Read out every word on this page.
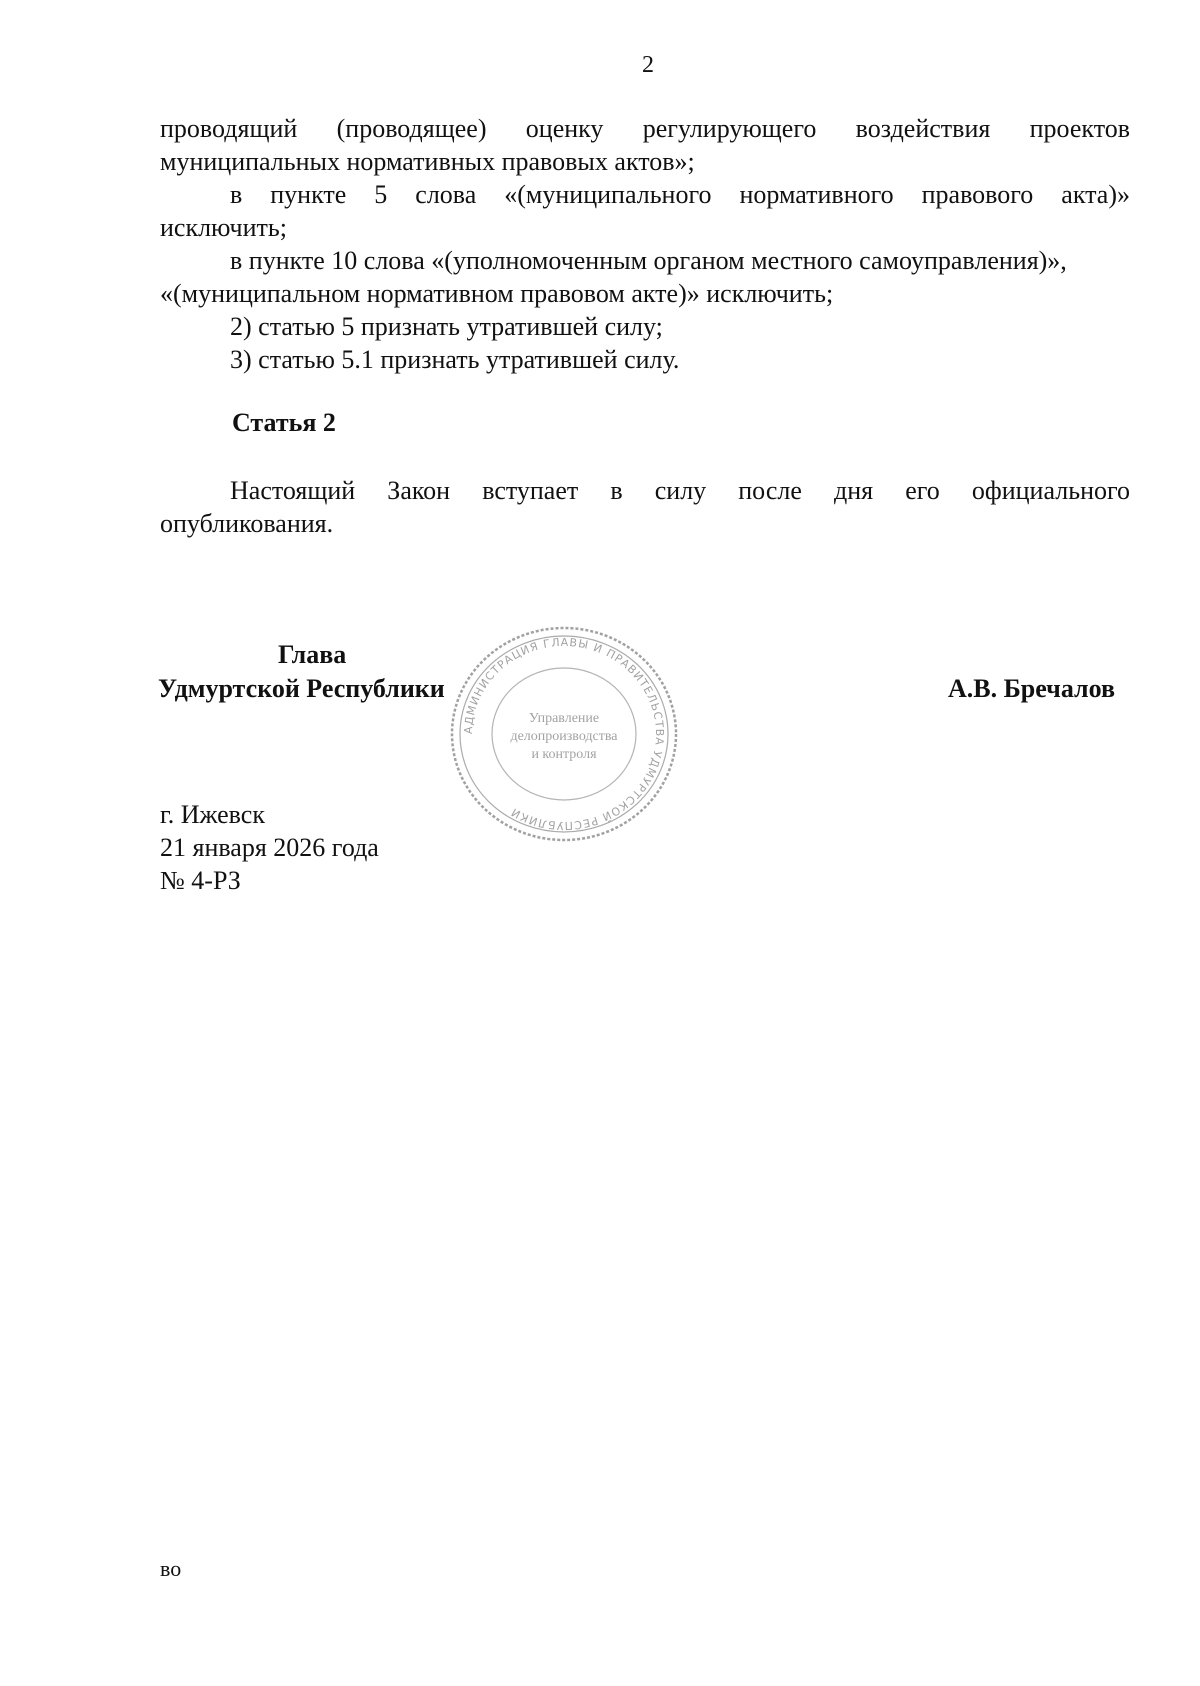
2
проводящий (проводящее) оценку регулирующего воздействия проектов
муниципальных нормативных правовых актов»;
в пункте 5 слова «(муниципального нормативного правового акта)»
исключить;
в пункте 10 слова «(уполномоченным органом местного самоуправления)»,
«(муниципальном нормативном правовом акте)» исключить;
2) статью 5 признать утратившей силу;
3) статью 5.1 признать утратившей силу.
Статья 2
Настоящий Закон вступает в силу после дня его официального
опубликования.
Глава
Удмуртской Республики	А.В. Бречалов
АДМИНИСТРАЦИЯ ГЛАВЫ И ПРАВИТЕЛЬСТВА УДМУРТСКОЙ РЕСПУБЛИКИ
Управление
делопроизводства
и контроля
г. Ижевск
21 января 2026 года
№ 4-РЗ
во
